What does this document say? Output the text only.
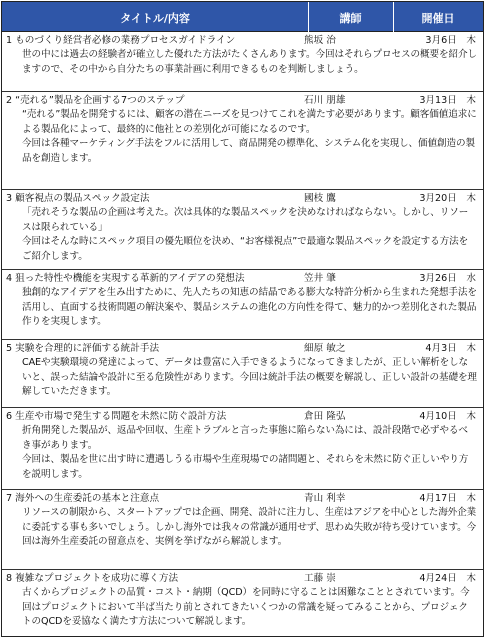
タイトル/内容	講師	開催日
1 ものづくり経営者必修の業務プロセスガイドライン	熊坂 治	3月6日　木

世の中には過去の経験者が確立した優れた方法がたくさんあります。今回はそれらプロセスの概要を紹介しますので、その中から自分たちの事業計画に利用できるものを判断しましょう。

2 “売れる”製品を企画する7つのステップ	石川 朋雄	3月13日　木

“売れる”製品を開発するには、顧客の潜在ニーズを見つけてこれを満たす必要があります。顧客価値追求による製品化によって、最終的に他社との差別化が可能になるのです。

今回は各種マーケティング手法をフルに活用して、商品開発の標準化、システム化を実現し、価値創造の製品を創造します。

3 顧客視点の製品スペック設定法	國枝 鷹	3月20日　木

「売れそうな製品の企画は考えた。次は具体的な製品スペックを決めなければならない。しかし、リソースは限られている」

今回はそんな時にスペック項目の優先順位を決め、“お客様視点”で最適な製品スペックを設定する方法をご紹介します。

4 狙った特性や機能を実現する革新的アイデアの発想法	笠井 肇	3月26日　水

独創的なアイデアを生み出すために、先人たちの知恵の結晶である膨大な特許分析から生まれた発想手法を活用し、直面する技術問題の解決案や、製品システムの進化の方向性を得て、魅力的かつ差別化された製品作りを実現します。

5 実験を合理的に評価する統計手法	細原 敏之	4月3日　木

CAEや実験環境の発達によって、データは豊富に入手できるようになってきましたが、正しい解析をしないと、誤った結論や設計に至る危険性があります。今回は統計手法の概要を解説し、正しい設計の基礎を理解していただきます。

6 生産や市場で発生する問題を未然に防ぐ設計方法	倉田 隆弘	4月10日　木

折角開発した製品が、返品や回収、生産トラブルと言った事態に陥らない為には、設計段階で必ずやるべき事があります。

今回は、製品を世に出す時に遭遇しうる市場や生産現場での諸問題と、それらを未然に防ぐ正しいやり方を説明します。

7 海外への生産委託の基本と注意点	青山 利幸	4月17日　木

リソースの制限から、スタートアップでは企画、開発、設計に注力し、生産はアジアを中心とした海外企業に委託する事も多いでしょう。しかし海外では我々の常識が通用せず、思わぬ失敗が待ち受けています。今回は海外生産委託の留意点を、実例を挙げながら解説します。

8 複雑なプロジェクトを成功に導く方法	工藤 崇	4月24日　木

古くからプロジェクトの品質・コスト・納期（QCD）を同時に守ることは困難なこととされています。今回はプロジェクトにおいて半ば当たり前とされてきたいくつかの常識を疑ってみることから、プロジェクトのQCDを妥協なく満たす方法について解説します。
